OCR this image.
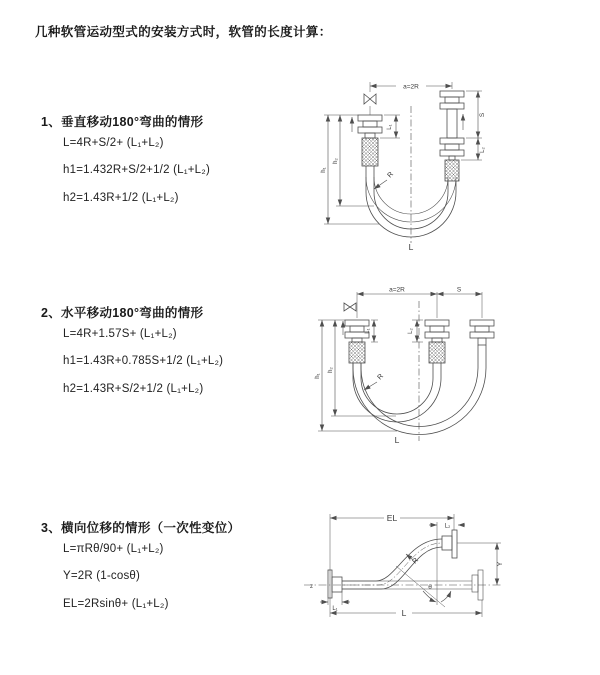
几种软管运动型式的安装方式时，软管的长度计算：
1、垂直移动180°弯曲的情形
L=4R+S/2+ (L₁+L₂)
h1=1.432R+S/2+1/2 (L₁+L₂)
h2=1.43R+1/2 (L₁+L₂)
2、水平移动180°弯曲的情形
L=4R+1.57S+ (L₁+L₂)
h1=1.43R+0.785S+1/2 (L₁+L₂)
h2=1.43R+S/2+1/2 (L₁+L₂)
3、横向位移的情形（一次性变位）
L=πRθ/90+ (L₁+L₂)
Y=2R (1-cosθ)
EL=2Rsinθ+ (L₁+L₂)
a=2R
h₁
h₂
L₁
S
L₂
R
L
a=2R	S
h₁
h₂
L₁	L₂
R
L
z
EL
L₂
θ
Y
R
L₁	L
